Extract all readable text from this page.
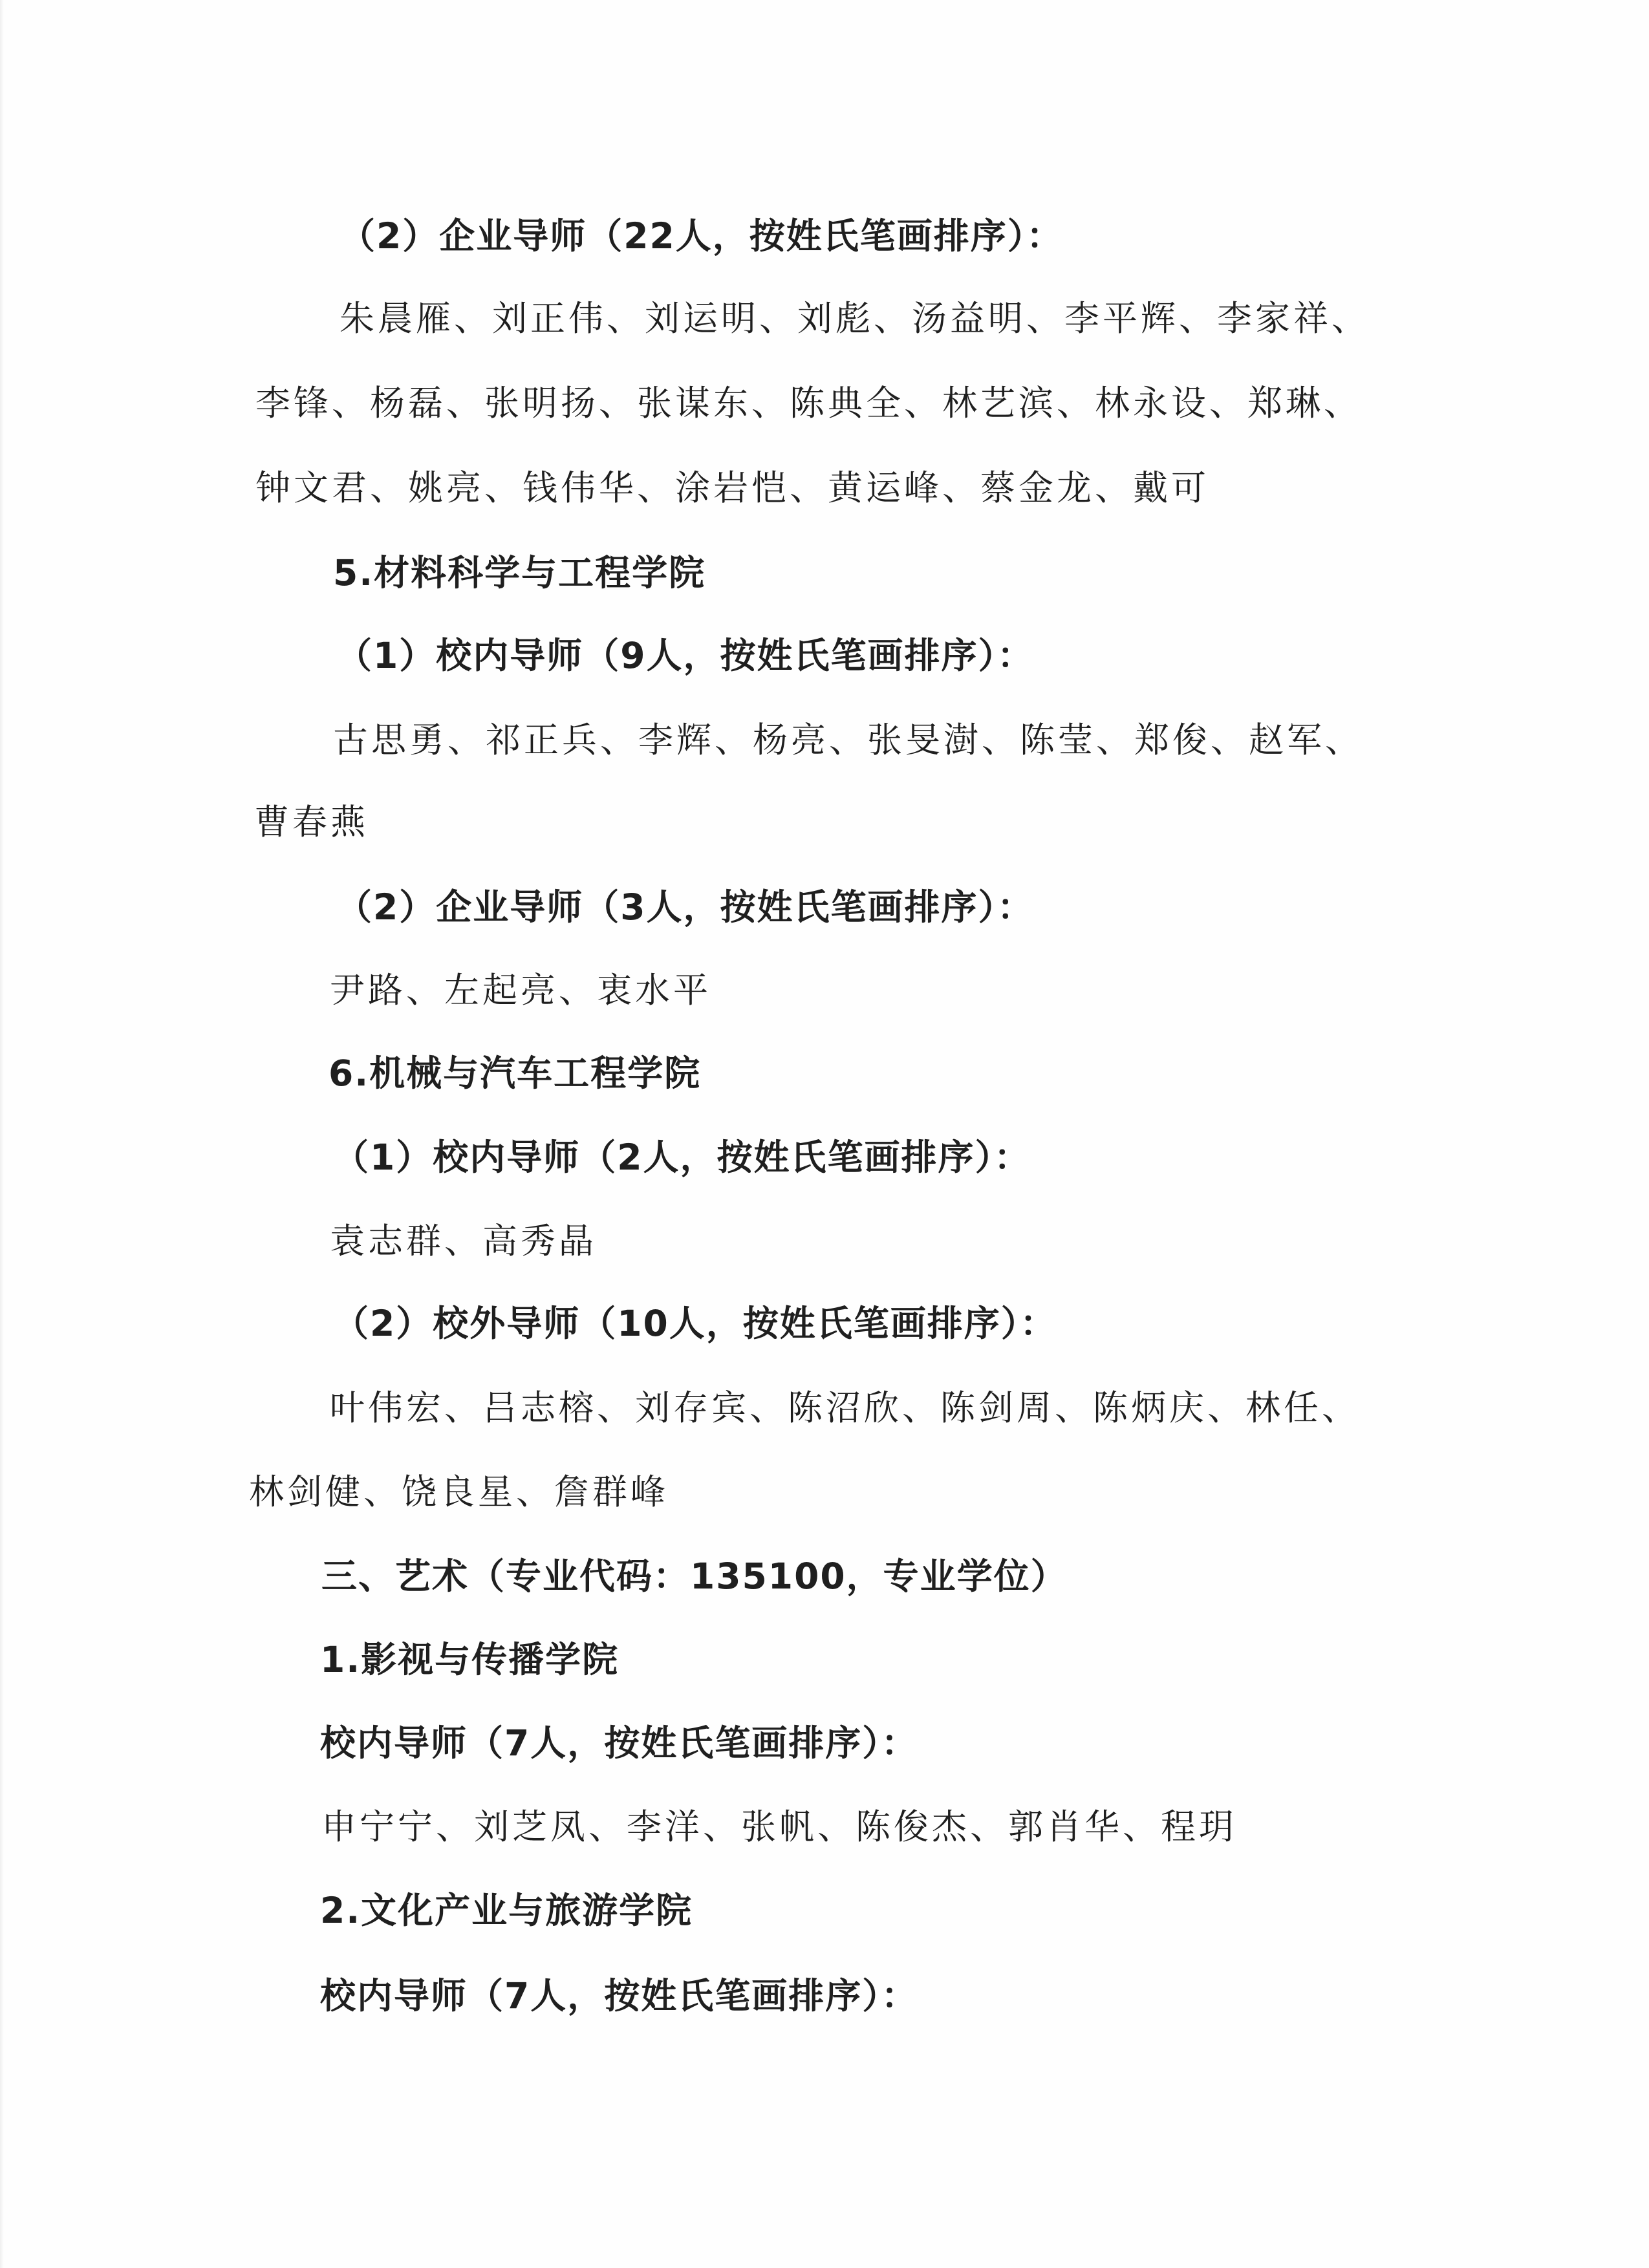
（2）企业导师（22人，按姓氏笔画排序）：
朱晨雁、刘正伟、刘运明、刘彪、汤益明、李平辉、李家祥、
李锋、杨磊、张明扬、张谋东、陈典全、林艺滨、林永设、郑琳、
钟文君、姚亮、钱伟华、涂岩恺、黄运峰、蔡金龙、戴可
5.材料科学与工程学院
（1）校内导师（9人，按姓氏笔画排序）：
古思勇、祁正兵、李辉、杨亮、张旻澍、陈莹、郑俊、赵军、
曹春燕
（2）企业导师（3人，按姓氏笔画排序）：
尹路、左起亮、衷水平
6.机械与汽车工程学院
（1）校内导师（2人，按姓氏笔画排序）：
袁志群、高秀晶
（2）校外导师（10人，按姓氏笔画排序）：
叶伟宏、吕志榕、刘存宾、陈沼欣、陈剑周、陈炳庆、林任、
林剑健、饶良星、詹群峰
三、艺术（专业代码：135100，专业学位）
1.影视与传播学院
校内导师（7人，按姓氏笔画排序）：
申宁宁、刘芝凤、李洋、张帆、陈俊杰、郭肖华、程玥
2.文化产业与旅游学院
校内导师（7人，按姓氏笔画排序）：
